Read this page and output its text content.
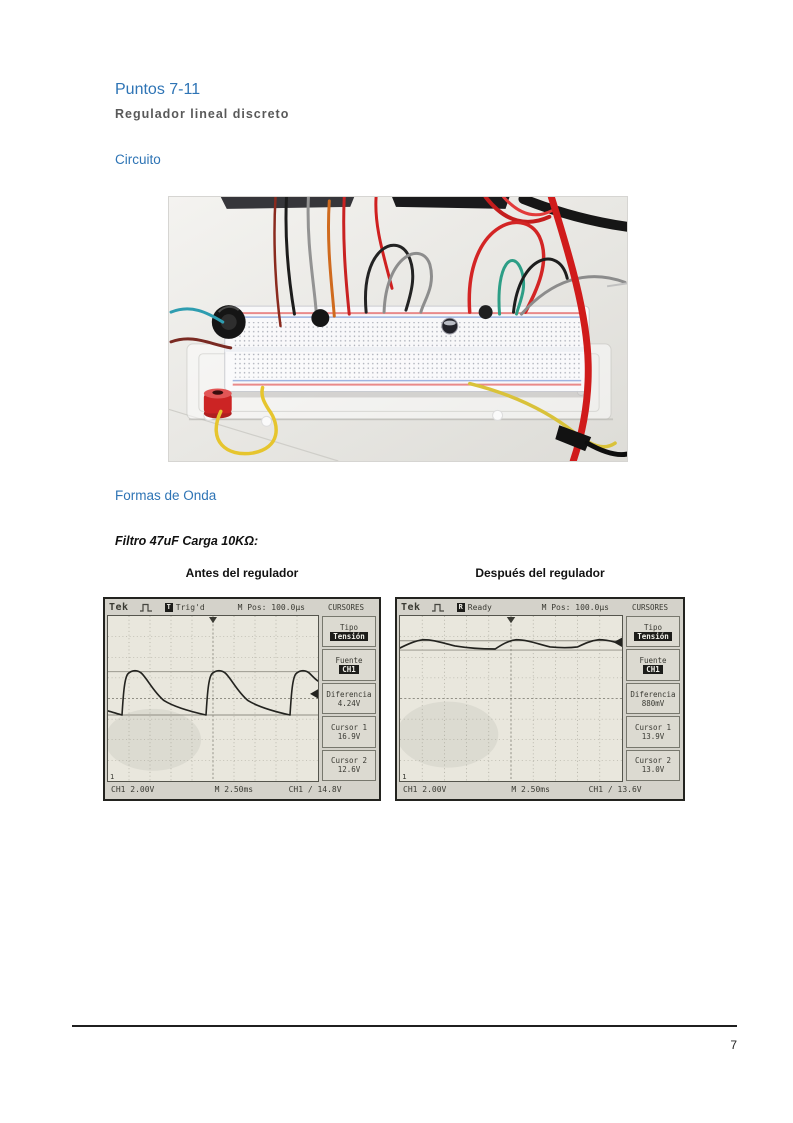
Puntos 7-11
Regulador lineal discreto
Circuito
Formas de Onda
Filtro 47uF Carga 10KΩ:
Antes del regulador	Después del regulador
Tek	T Trig'd	M Pos: 100.0µs	CURSORES
1
Tipo
Tensión
Fuente
CH1
Diferencia
4.24V
Cursor 1
16.9V
Cursor 2
12.6V
CH1 2.00V	M 2.50ms	CH1 / 14.8V
Tek	R Ready	M Pos: 100.0µs	CURSORES
1
Tipo
Tensión
Fuente
CH1
Diferencia
880mV
Cursor 1
13.9V
Cursor 2
13.0V
CH1 2.00V	M 2.50ms	CH1 / 13.6V
7
